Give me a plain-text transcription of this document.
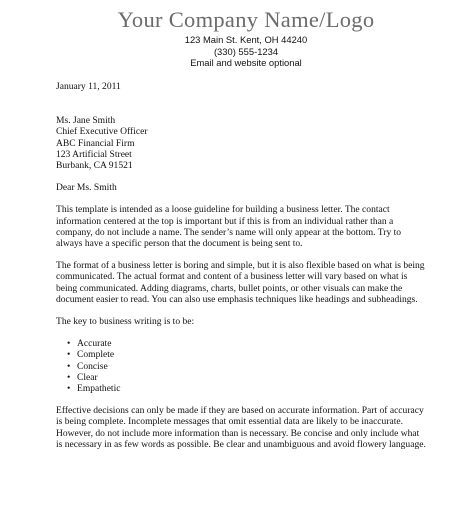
Your Company Name/Logo
123 Main St. Kent, OH 44240
(330) 555-1234
Email and website optional
January 11, 2011
Ms. Jane Smith
Chief Executive Officer
ABC Financial Firm
123 Artificial Street
Burbank, CA 91521
Dear Ms. Smith

This template is intended as a loose guideline for building a business letter. The contact
information centered at the top is important but if this is from an individual rather than a
company, do not include a name. The sender’s name will only appear at the bottom. Try to
always have a specific person that the document is being sent to.

The format of a business letter is boring and simple, but it is also flexible based on what is being
communicated. The actual format and content of a business letter will vary based on what is
being communicated. Adding diagrams, charts, bullet points, or other visuals can make the
document easier to read. You can also use emphasis techniques like headings and subheadings.

The key to business writing is to be:

• Accurate
• Complete
• Concise
• Clear
• Empathetic

Effective decisions can only be made if they are based on accurate information. Part of accuracy
is being complete. Incomplete messages that omit essential data are likely to be inaccurate.
However, do not include more information than is necessary. Be concise and only include what
is necessary in as few words as possible. Be clear and unambiguous and avoid flowery language.
